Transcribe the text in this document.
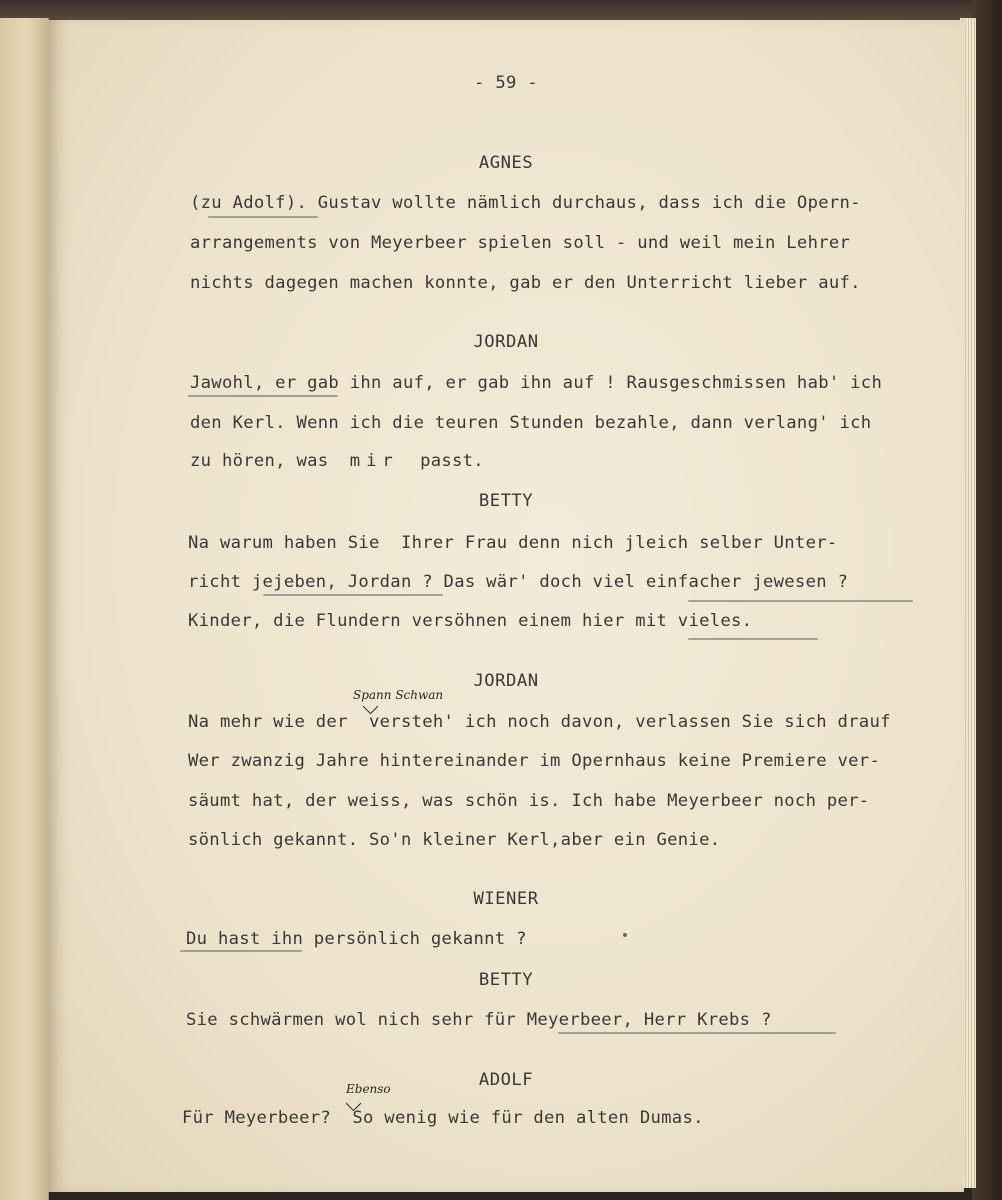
- 59 -

AGNES

(zu Adolf). Gustav wollte nämlich durchaus, dass ich die Opern-

arrangements von Meyerbeer spielen soll - und weil mein Lehrer

nichts dagegen machen konnte, gab er den Unterricht lieber auf.

JORDAN

Jawohl, er gab ihn auf, er gab ihn auf ! Rausgeschmissen hab' ich

den Kerl. Wenn ich die teuren Stunden bezahle, dann verlang' ich

zu hören, was mir passt.

BETTY

Na warum haben Sie  Ihrer Frau denn nich jleich selber Unter-

richt jejeben, Jordan ? Das wär' doch viel einfacher jewesen ?

Kinder, die Flundern versöhnen einem hier mit vieles.

JORDAN

Na mehr wie der  versteh' ich noch davon, verlassen Sie sich drauf

Wer zwanzig Jahre hintereinander im Opernhaus keine Premiere ver-

säumt hat, der weiss, was schön is. Ich habe Meyerbeer noch per-

sönlich gekannt. So'n kleiner Kerl,aber ein Genie.

Spann Schwan

WIENER

Du hast ihn persönlich gekannt ?

BETTY

Sie schwärmen wol nich sehr für Meyerbeer, Herr Krebs ?

ADOLF

Für Meyerbeer?  So wenig wie für den alten Dumas.

Ebenso
